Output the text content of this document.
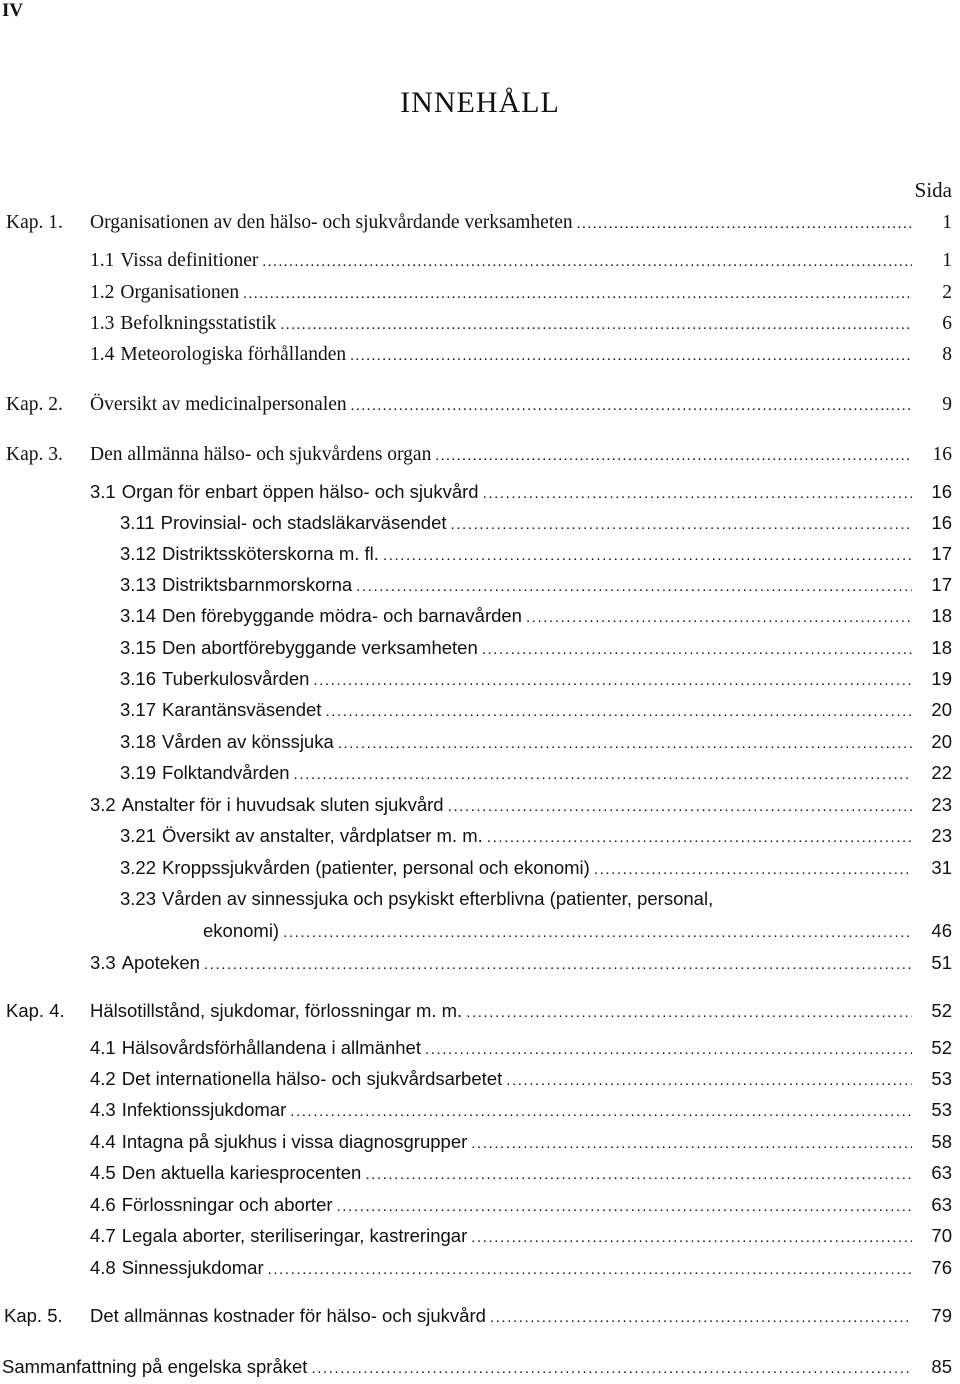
IV
INNEHÅLL
Sida
Kap. 1. Organisationen av den hälso- och sjukvårdande verksamheten .....	1
1.1 Vissa definitioner .....	1
1.2 Organisationen .....	2
1.3 Befolkningsstatistik .....	6
1.4 Meteorologiska förhållanden .....	8
Kap. 2. Översikt av medicinalpersonalen .....	9
Kap. 3. Den allmänna hälso- och sjukvårdens organ .....	16
3.1 Organ för enbart öppen hälso- och sjukvård .....	16
3.11 Provinsial- och stadsläkarväsendet .....	16
3.12 Distriktssköterskorna m. fl. .....	17
3.13 Distriktsbarnmorskorna .....	17
3.14 Den förebyggande mödra- och barnavården .....	18
3.15 Den abortförebyggande verksamheten .....	18
3.16 Tuberkulosvården .....	19
3.17 Karantänsväsendet .....	20
3.18 Vården av könssjuka .....	20
3.19 Folktandvården .....	22
3.2 Anstalter för i huvudsak sluten sjukvård .....	23
3.21 Översikt av anstalter, vårdplatser m. m. .....	23
3.22 Kroppssjukvården (patienter, personal och ekonomi) .....	31
3.23 Vården av sinnessjuka och psykiskt efterblivna (patienter, personal,
ekonomi) .....	46
3.3 Apoteken .....	51
Kap. 4. Hälsotillstånd, sjukdomar, förlossningar m. m. .....	52
4.1 Hälsovårdsförhållandena i allmänhet .....	52
4.2 Det internationella hälso- och sjukvårdsarbetet .....	53
4.3 Infektionssjukdomar .....	53
4.4 Intagna på sjukhus i vissa diagnosgrupper .....	58
4.5 Den aktuella kariesprocenten .....	63
4.6 Förlossningar och aborter .....	63
4.7 Legala aborter, steriliseringar, kastreringar .....	70
4.8 Sinnessjukdomar .....	76
Kap. 5. Det allmännas kostnader för hälso- och sjukvård .....	79
Sammanfattning på engelska språket .....	85
